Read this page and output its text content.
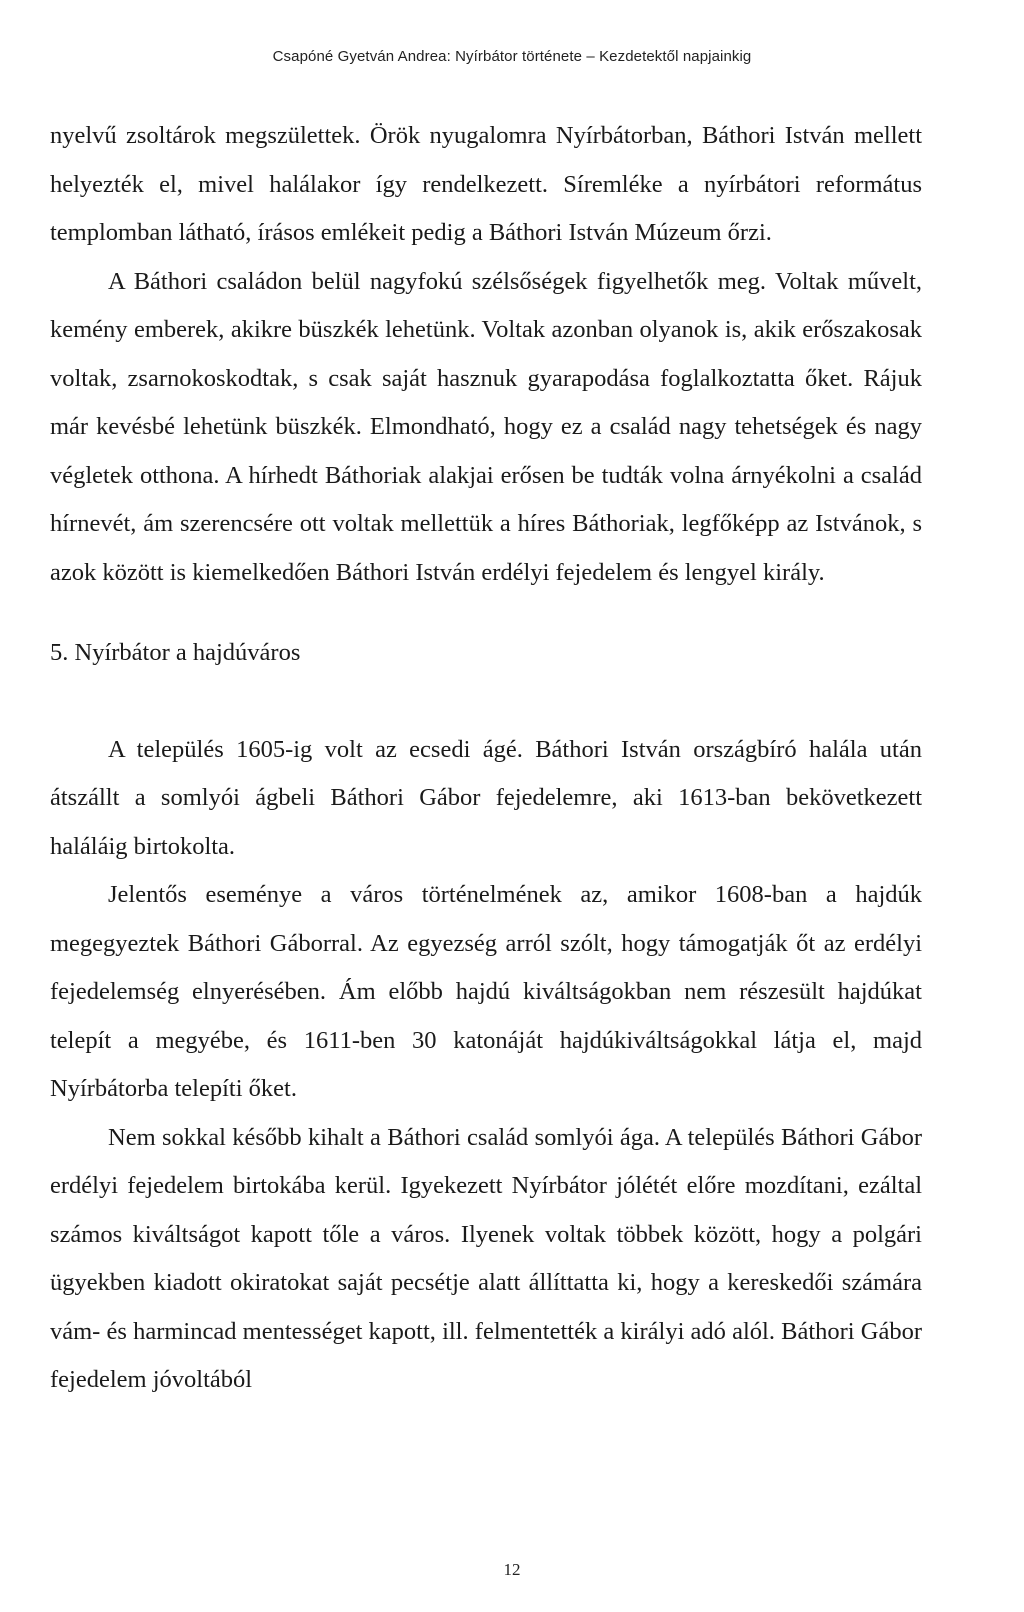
Csapóné Gyetván Andrea: Nyírbátor története – Kezdetektől napjainkig

nyelvű zsoltárok megszülettek. Örök nyugalomra Nyírbátorban, Báthori István mellett helyezték el, mivel halálakor így rendelkezett. Síremléke a nyírbátori református templomban látható, írásos emlékeit pedig a Báthori István Múzeum őrzi.

A Báthori családon belül nagyfokú szélsőségek figyelhetők meg. Voltak művelt, kemény emberek, akikre büszkék lehetünk. Voltak azonban olyanok is, akik erőszakosak voltak, zsarnokoskodtak, s csak saját hasznuk gyarapodása foglalkoztatta őket. Rájuk már kevésbé lehetünk büszkék. Elmondható, hogy ez a család nagy tehetségek és nagy végletek otthona. A hírhedt Báthoriak alakjai erősen be tudták volna árnyékolni a család hírnevét, ám szerencsére ott voltak mellettük a híres Báthoriak, legfőképp az Istvánok, s azok között is kiemelkedően Báthori István erdélyi fejedelem és lengyel király.

5. Nyírbátor a hajdúváros

A település 1605-ig volt az ecsedi ágé. Báthori István országbíró halála után átszállt a somlyói ágbeli Báthori Gábor fejedelemre, aki 1613-ban bekövetkezett haláláig birtokolta.

Jelentős eseménye a város történelmének az, amikor 1608-ban a hajdúk megegyeztek Báthori Gáborral. Az egyezség arról szólt, hogy támogatják őt az erdélyi fejedelemség elnyerésében. Ám előbb hajdú kiváltságokban nem részesült hajdúkat telepít a megyébe, és 1611-ben 30 katonáját hajdúkiváltságokkal látja el, majd Nyírbátorba telepíti őket.

Nem sokkal később kihalt a Báthori család somlyói ága. A település Báthori Gábor erdélyi fejedelem birtokába kerül. Igyekezett Nyírbátor jólétét előre mozdítani, ezáltal számos kiváltságot kapott tőle a város. Ilyenek voltak többek között, hogy a polgári ügyekben kiadott okiratokat saját pecsétje alatt állíttatta ki, hogy a kereskedői számára vám- és harmincad mentességet kapott, ill. felmentették a királyi adó alól. Báthori Gábor fejedelem jóvoltából

12
